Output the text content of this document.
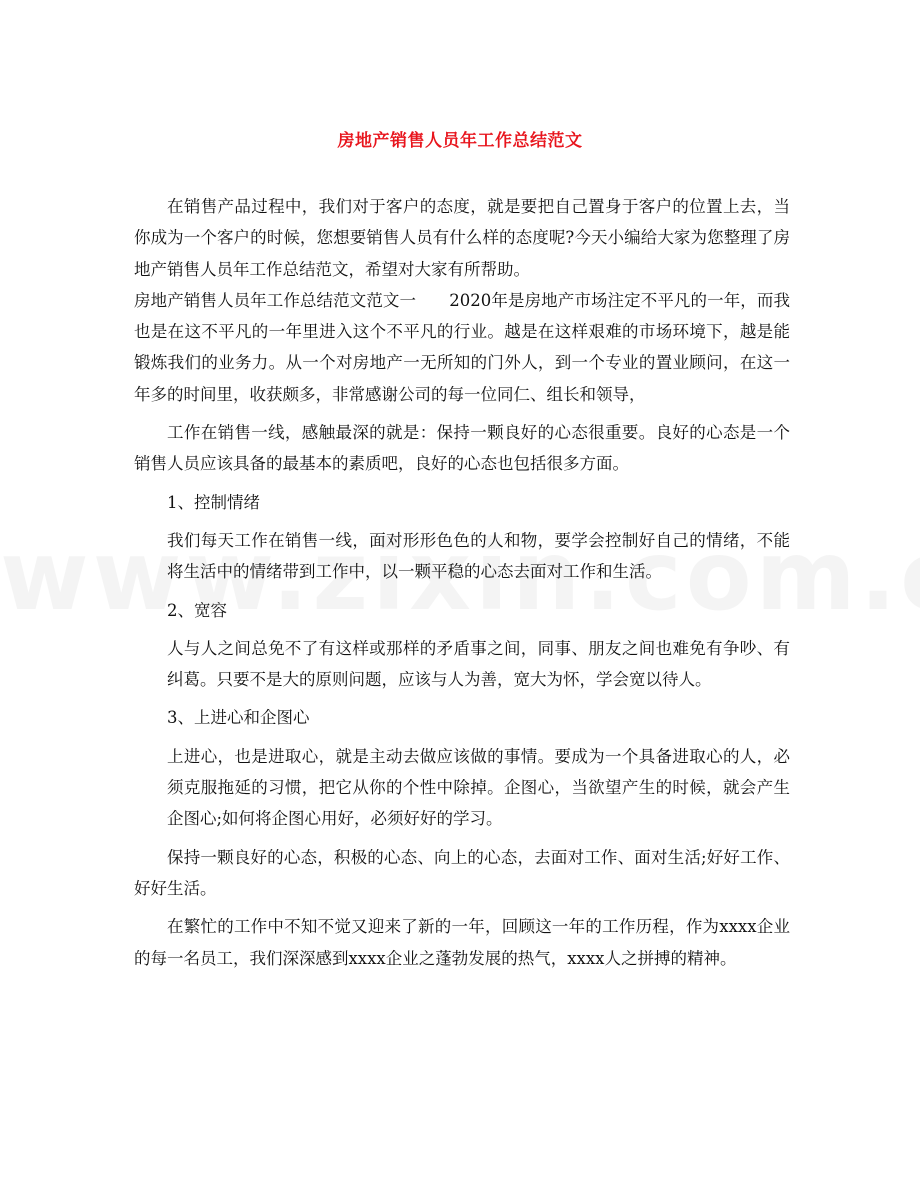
房地产销售人员年工作总结范文

在销售产品过程中，我们对于客户的态度，就是要把自己置身于客户的位置上去，当你成为一个客户的时候，您想要销售人员有什么样的态度呢?今天小编给大家为您整理了房地产销售人员年工作总结范文，希望对大家有所帮助。

房地产销售人员年工作总结范文范文一　　2020年是房地产市场注定不平凡的一年，而我也是在这不平凡的一年里进入这个不平凡的行业。越是在这样艰难的市场环境下，越是能锻炼我们的业务力。从一个对房地产一无所知的门外人，到一个专业的置业顾问，在这一年多的时间里，收获颇多，非常感谢公司的每一位同仁、组长和领导，

工作在销售一线，感触最深的就是：保持一颗良好的心态很重要。良好的心态是一个销售人员应该具备的最基本的素质吧，良好的心态也包括很多方面。

1、控制情绪

我们每天工作在销售一线，面对形形色色的人和物，要学会控制好自己的情绪，不能将生活中的情绪带到工作中，以一颗平稳的心态去面对工作和生活。

2、宽容

人与人之间总免不了有这样或那样的矛盾事之间，同事、朋友之间也难免有争吵、有纠葛。只要不是大的原则问题，应该与人为善，宽大为怀，学会宽以待人。

3、上进心和企图心

上进心，也是进取心，就是主动去做应该做的事情。要成为一个具备进取心的人，必须克服拖延的习惯，把它从你的个性中除掉。企图心，当欲望产生的时候，就会产生企图心;如何将企图心用好，必须好好的学习。

保持一颗良好的心态，积极的心态、向上的心态，去面对工作、面对生活;好好工作、好好生活。

在繁忙的工作中不知不觉又迎来了新的一年，回顾这一年的工作历程，作为xxxx企业的每一名员工，我们深深感到xxxx企业之蓬勃发展的热气，xxxx人之拼搏的精神。
